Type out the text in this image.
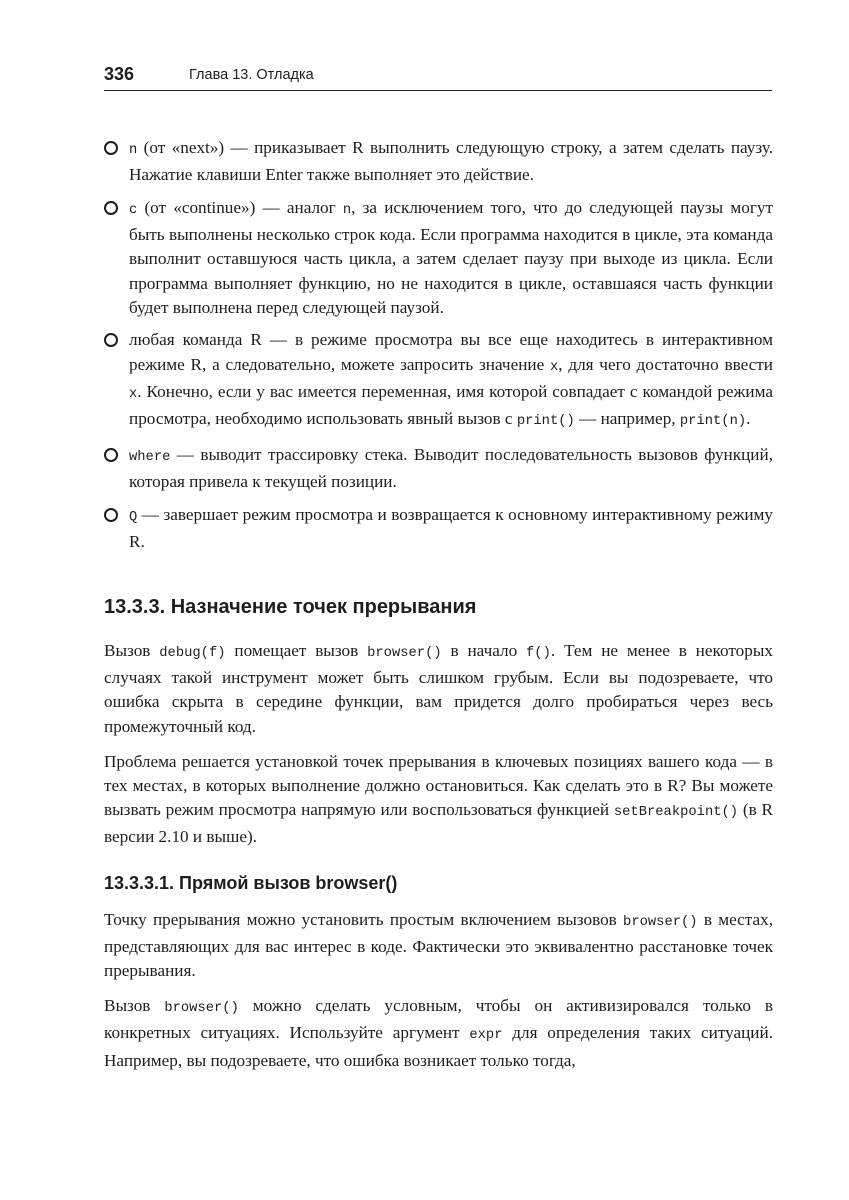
336	Глава 13. Отладка

n (от «next») — приказывает R выполнить следующую строку, а затем сделать паузу. Нажатие клавиши Enter также выполняет это действие.

c (от «continue») — аналог n, за исключением того, что до следующей паузы могут быть выполнены несколько строк кода. Если программа находится в цикле, эта команда выполнит оставшуюся часть цикла, а затем сделает паузу при выходе из цикла. Если программа выполняет функцию, но не находится в цикле, оставшаяся часть функции будет выполнена перед следующей паузой.

любая команда R — в режиме просмотра вы все еще находитесь в интерактивном режиме R, а следовательно, можете запросить значение x, для чего достаточно ввести x. Конечно, если у вас имеется переменная, имя которой совпадает с командой режима просмотра, необходимо использовать явный вызов с print() — например, print(n).

where — выводит трассировку стека. Выводит последовательность вызовов функций, которая привела к текущей позиции.

Q — завершает режим просмотра и возвращается к основному интерактивному режиму R.

13.3.3. Назначение точек прерывания

Вызов debug(f) помещает вызов browser() в начало f(). Тем не менее в некоторых случаях такой инструмент может быть слишком грубым. Если вы подозреваете, что ошибка скрыта в середине функции, вам придется долго пробираться через весь промежуточный код.

Проблема решается установкой точек прерывания в ключевых позициях вашего кода — в тех местах, в которых выполнение должно остановиться. Как сделать это в R? Вы можете вызвать режим просмотра напрямую или воспользоваться функцией setBreakpoint() (в R версии 2.10 и выше).

13.3.3.1. Прямой вызов browser()

Точку прерывания можно установить простым включением вызовов browser() в местах, представляющих для вас интерес в коде. Фактически это эквивалентно расстановке точек прерывания.

Вызов browser() можно сделать условным, чтобы он активизировался только в конкретных ситуациях. Используйте аргумент expr для определения таких ситуаций. Например, вы подозреваете, что ошибка возникает только тогда,
